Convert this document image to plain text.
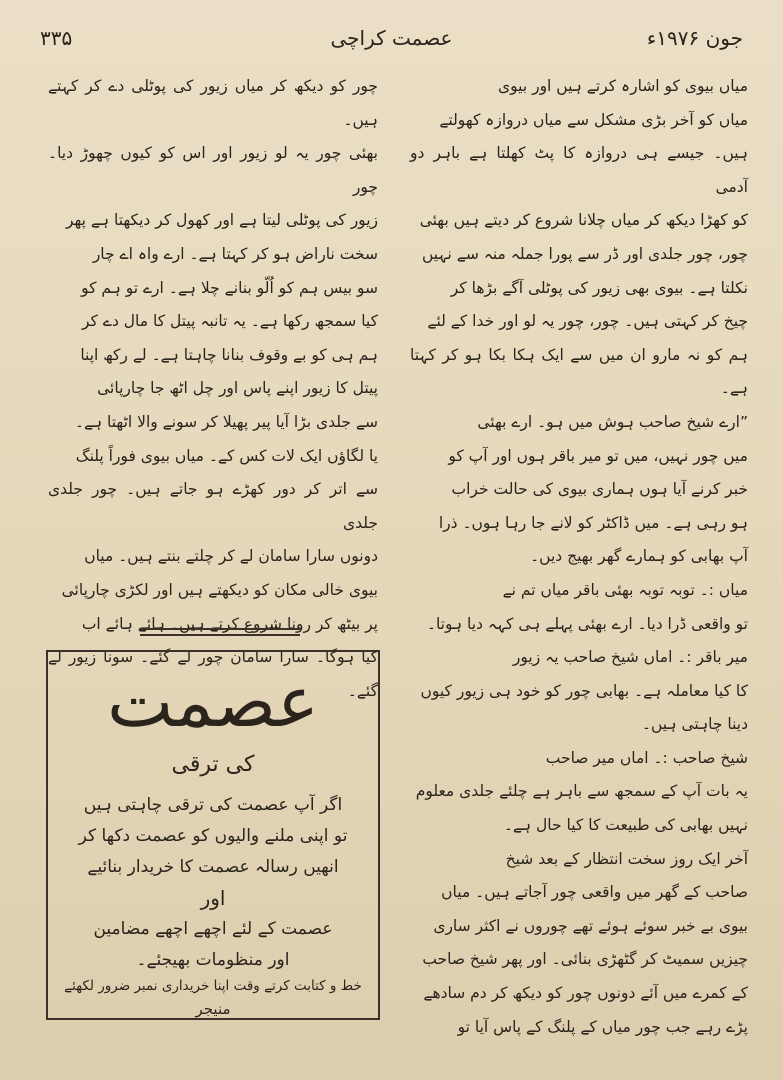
جون ۱۹۷۶ء
عصمت کراچی
۳۳۵

میاں بیوی کو اشارہ کرتے ہیں اور بیوی

میاں کو آخر بڑی مشکل سے میاں دروازہ کھولتے

ہیں۔ جیسے ہی دروازہ کا پٹ کھلتا ہے باہر دو آدمی

کو کھڑا دیکھ کر میاں چلانا شروع کر دیتے ہیں بھئی

چور، چور جلدی اور ڈر سے پورا جملہ منہ سے نہیں

نکلتا ہے۔ بیوی بھی زیور کی پوٹلی آگے بڑھا کر

چیخ کر کہتی ہیں۔ چور، چور یہ لو اور خدا کے لئے

ہم کو نہ مارو ان میں سے ایک ہکا بکا ہو کر کہتا ہے۔

”ارے شیخ صاحب ہوش میں ہو۔ ارے بھئی

میں چور نہیں، میں تو میر باقر ہوں اور آپ کو

خبر کرنے آیا ہوں ہماری بیوی کی حالت خراب

ہو رہی ہے۔ میں ڈاکٹر کو لانے جا رہا ہوں۔ ذرا

آپ بھابی کو ہمارے گھر بھیج دیں۔

میاں :۔ توبہ توبہ بھئی باقر میاں تم نے

تو واقعی ڈرا دیا۔ ارے بھئی پہلے ہی کہہ دیا ہوتا۔

میر باقر :۔ اماں شیخ صاحب یہ زیور

کا کیا معاملہ ہے۔ بھابی چور کو خود ہی زیور کیوں

دینا چاہتی ہیں۔

شیخ صاحب :۔ اماں میر صاحب

یہ بات آپ کے سمجھ سے باہر ہے چلئے جلدی معلوم

نہیں بھابی کی طبیعت کا کیا حال ہے۔

آخر ایک روز سخت انتظار کے بعد شیخ

صاحب کے گھر میں واقعی چور آجاتے ہیں۔ میاں

بیوی بے خبر سوئے ہوئے تھے چوروں نے اکثر ساری

چیزیں سمیٹ کر گٹھڑی بنائی۔ اور پھر شیخ صاحب

کے کمرے میں آئے دونوں چور کو دیکھ کر دم سادھے

پڑے رہے جب چور میاں کے پلنگ کے پاس آیا تو

چور کو دیکھ کر میاں زیور کی پوٹلی دے کر کہتے ہیں۔

بھئی چور یہ لو زیور اور اس کو کیوں چھوڑ دیا۔ چور

زیور کی پوٹلی لیتا ہے اور کھول کر دیکھتا ہے پھر

سخت ناراض ہو کر کہتا ہے۔ ارے واہ اے چار

سو بیس ہم کو اُلّو بنانے چلا ہے۔ ارے تو ہم کو

کیا سمجھ رکھا ہے۔ یہ تانبہ پیتل کا مال دے کر

ہم ہی کو بے وقوف بنانا چاہتا ہے۔ لے رکھ اپنا

پیتل کا زیور اپنے پاس اور چل اٹھ جا چارپائی

سے جلدی بڑا آیا پیر پھیلا کر سونے والا اٹھتا ہے۔

یا لگاؤں ایک لات کس کے۔ میاں بیوی فوراً پلنگ

سے اتر کر دور کھڑے ہو جاتے ہیں۔ چور جلدی جلدی

دونوں سارا سامان لے کر چلتے بنتے ہیں۔ میاں

بیوی خالی مکان کو دیکھتے ہیں اور لکڑی چارپائی

پر بیٹھ کر رونا شروع کرتے ہیں۔ ہائے ہائے اب

کیا ہوگا۔ سارا سامان چور لے گئے۔ سونا زیور لے گئے۔

عصمت
کی ترقی

اگر آپ عصمت کی ترقی چاہتی ہیں

تو اپنی ملنے والیوں کو عصمت دکھا کر

انھیں رسالہ عصمت کا خریدار بنائیے

اور

عصمت کے لئے اچھے اچھے مضامین

اور منظومات بھیجئے۔

خط و کتابت کرتے وقت اپنا خریداری نمبر ضرور لکھئے
منیجر
